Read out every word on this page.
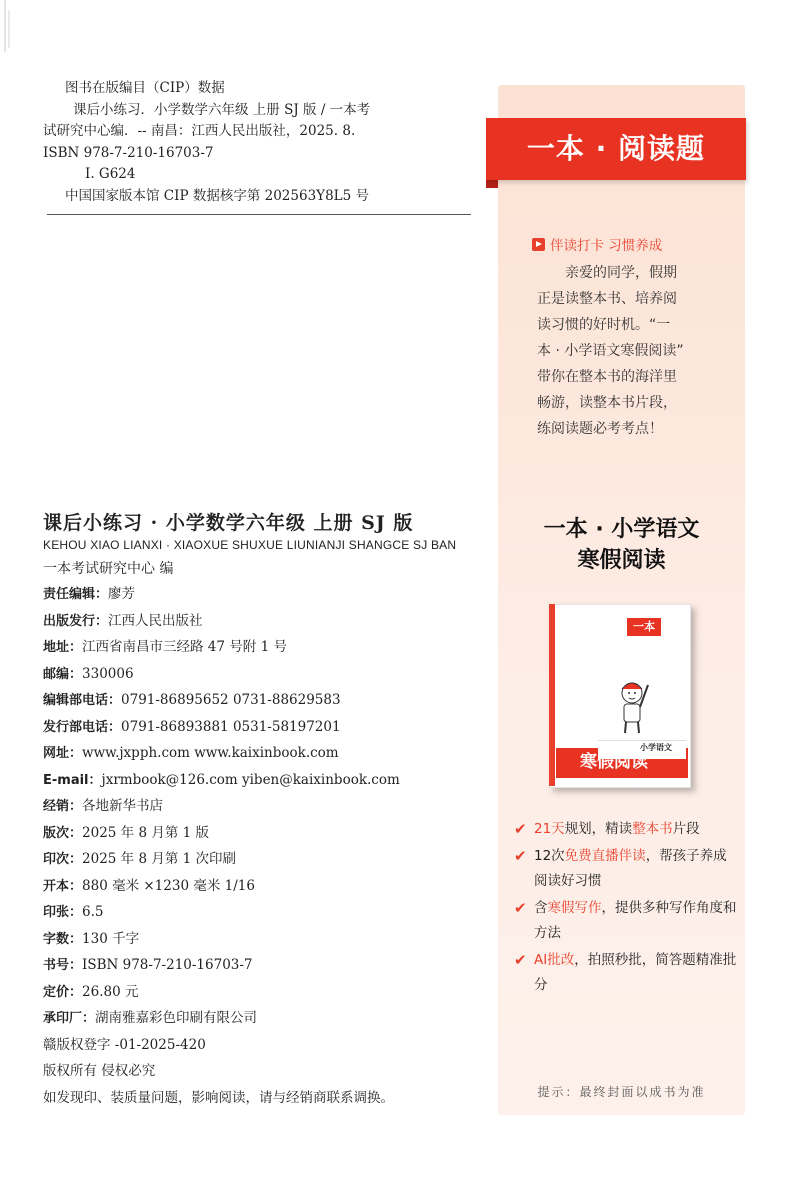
图书在版编目（CIP）数据
课后小练习．小学数学六年级 上册 SJ 版 / 一本考
试研究中心编．-- 南昌：江西人民出版社，2025. 8.
ISBN 978-7-210-16703-7
Ⅰ. G624
中国国家版本馆 CIP 数据核字第 202563Y8L5 号
课后小练习 · 小学数学六年级 上册 SJ 版
KEHOU XIAO LIANXI · XIAOXUE SHUXUE LIUNIANJI SHANGCE SJ BAN
一本考试研究中心 编
责任编辑：廖芳
出版发行：江西人民出版社
地址：江西省南昌市三经路 47 号附 1 号
邮编：330006
编辑部电话：0791-86895652 0731-88629583
发行部电话：0791-86893881 0531-58197201
网址：www.jxpph.com www.kaixinbook.com
E-mail：jxrmbook@126.com yiben@kaixinbook.com
经销：各地新华书店
版次：2025 年 8 月第 1 版
印次：2025 年 8 月第 1 次印刷
开本：880 毫米 ×1230 毫米 1/16
印张：6.5
字数：130 千字
书号：ISBN 978-7-210-16703-7
定价：26.80 元
承印厂：湖南雅嘉彩色印刷有限公司
赣版权登字 -01-2025-420
版权所有 侵权必究
如发现印、装质量问题，影响阅读，请与经销商联系调换。
一本 · 阅读题
伴读打卡 习惯养成
亲爱的同学，假期
正是读整本书、培养阅
读习惯的好时机。“一
本 · 小学语文寒假阅读”
带你在整本书的海洋里
畅游，读整本书片段，
练阅读题必考考点！
一本 · 小学语文
寒假阅读
一本
小学语文
寒假阅读
✔ 21天规划，精读整本书片段
✔ 12次免费直播伴读，帮孩子养成阅读好习惯
✔ 含寒假写作，提供多种写作角度和方法
✔ AI批改，拍照秒批，简答题精准批分
提示：最终封面以成书为准
